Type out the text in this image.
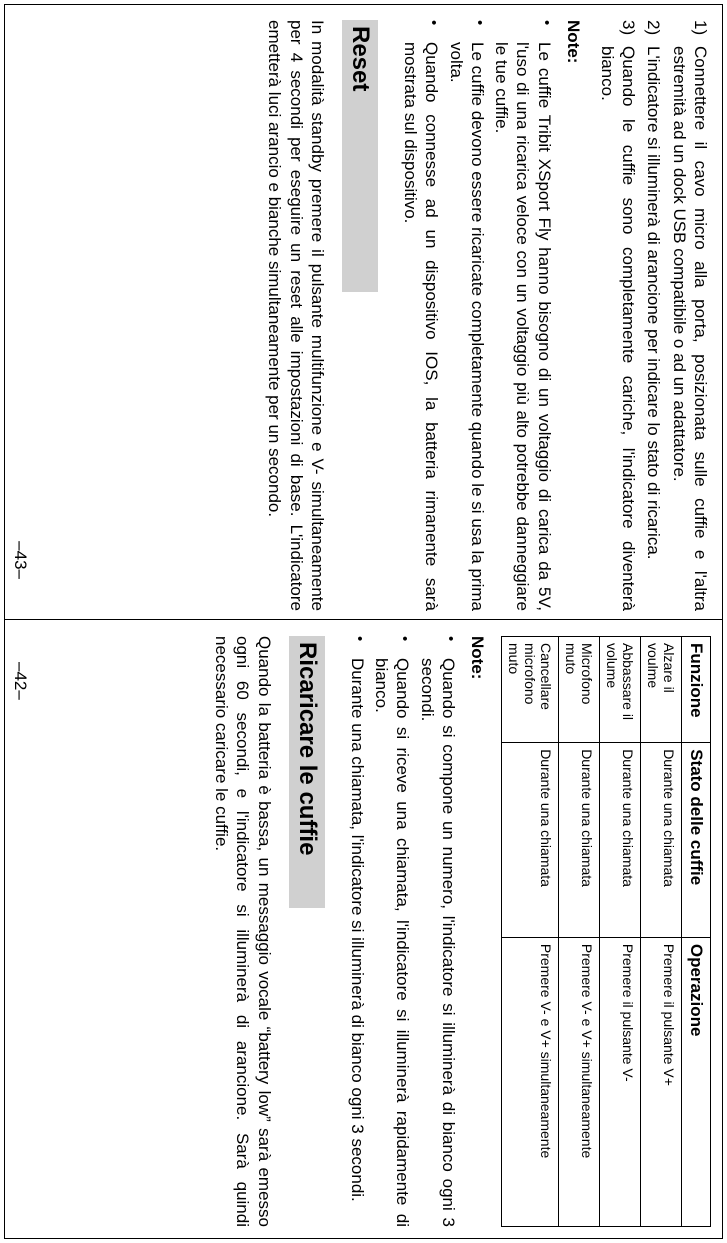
1)
Connettere il cavo micro alla porta, posizionata sulle cuffie e l'altra estremità ad un dock USB compatibile o ad un adattatore.
2)
L'indicatore si illuminerà di arancione per indicare lo stato di ricarica.
3)
Quando le cuffie sono completamente cariche, l'indicatore diventerà bianco.
Note:
•
Le cuffie Tribit XSport Fly hanno bisogno di un voltaggio di carica da 5V, l'uso di una ricarica veloce con un voltaggio più alto potrebbe danneggiare le tue cuffie.
•
Le cuffie devono essere ricaricate completamente quando le si usa la prima volta.
•
Quando connesse ad un dispositivo IOS, la batteria rimanente sarà mostrata sul dispositivo.
Reset

In modalità standby premere il pulsante multifunzione e V- simultaneamente per 4 secondi per eseguire un reset alle impostazioni di base. L'indicatore emetterà luci arancio e bianche simultaneamente per un secondo.

–43–
Funzione	Stato delle cuffie	Operazione
Alzare il voulme	Durante una chiamata	Premere il pulsante V+
Abbassare il volume	Durante una chiamata	Premere il pulsante V-
Microfono muto	Durante una chiamata	Premere V- e V+ simultaneamente
Cancellare microfono muto	Durante una chiamata	Premere V- e V+ simultaneamente
Note:
•
Quando si compone un numero, l'indicatore si illuminerà di bianco ogni 3 secondi.
•
Quando si riceve una chiamata, l'indicatore si illuminerà rapidamente di bianco.
•
Durante una chiamata, l'indicatore si illuminerà di bianco ogni 3 secondi.
Ricaricare le cuffie

Quando la batteria è bassa, un messaggio vocale “battery low” sarà emesso ogni 60 secondi, e l'indicatore si illuminerà di arancione. Sarà quindi necessario caricare le cuffie.

–42–
